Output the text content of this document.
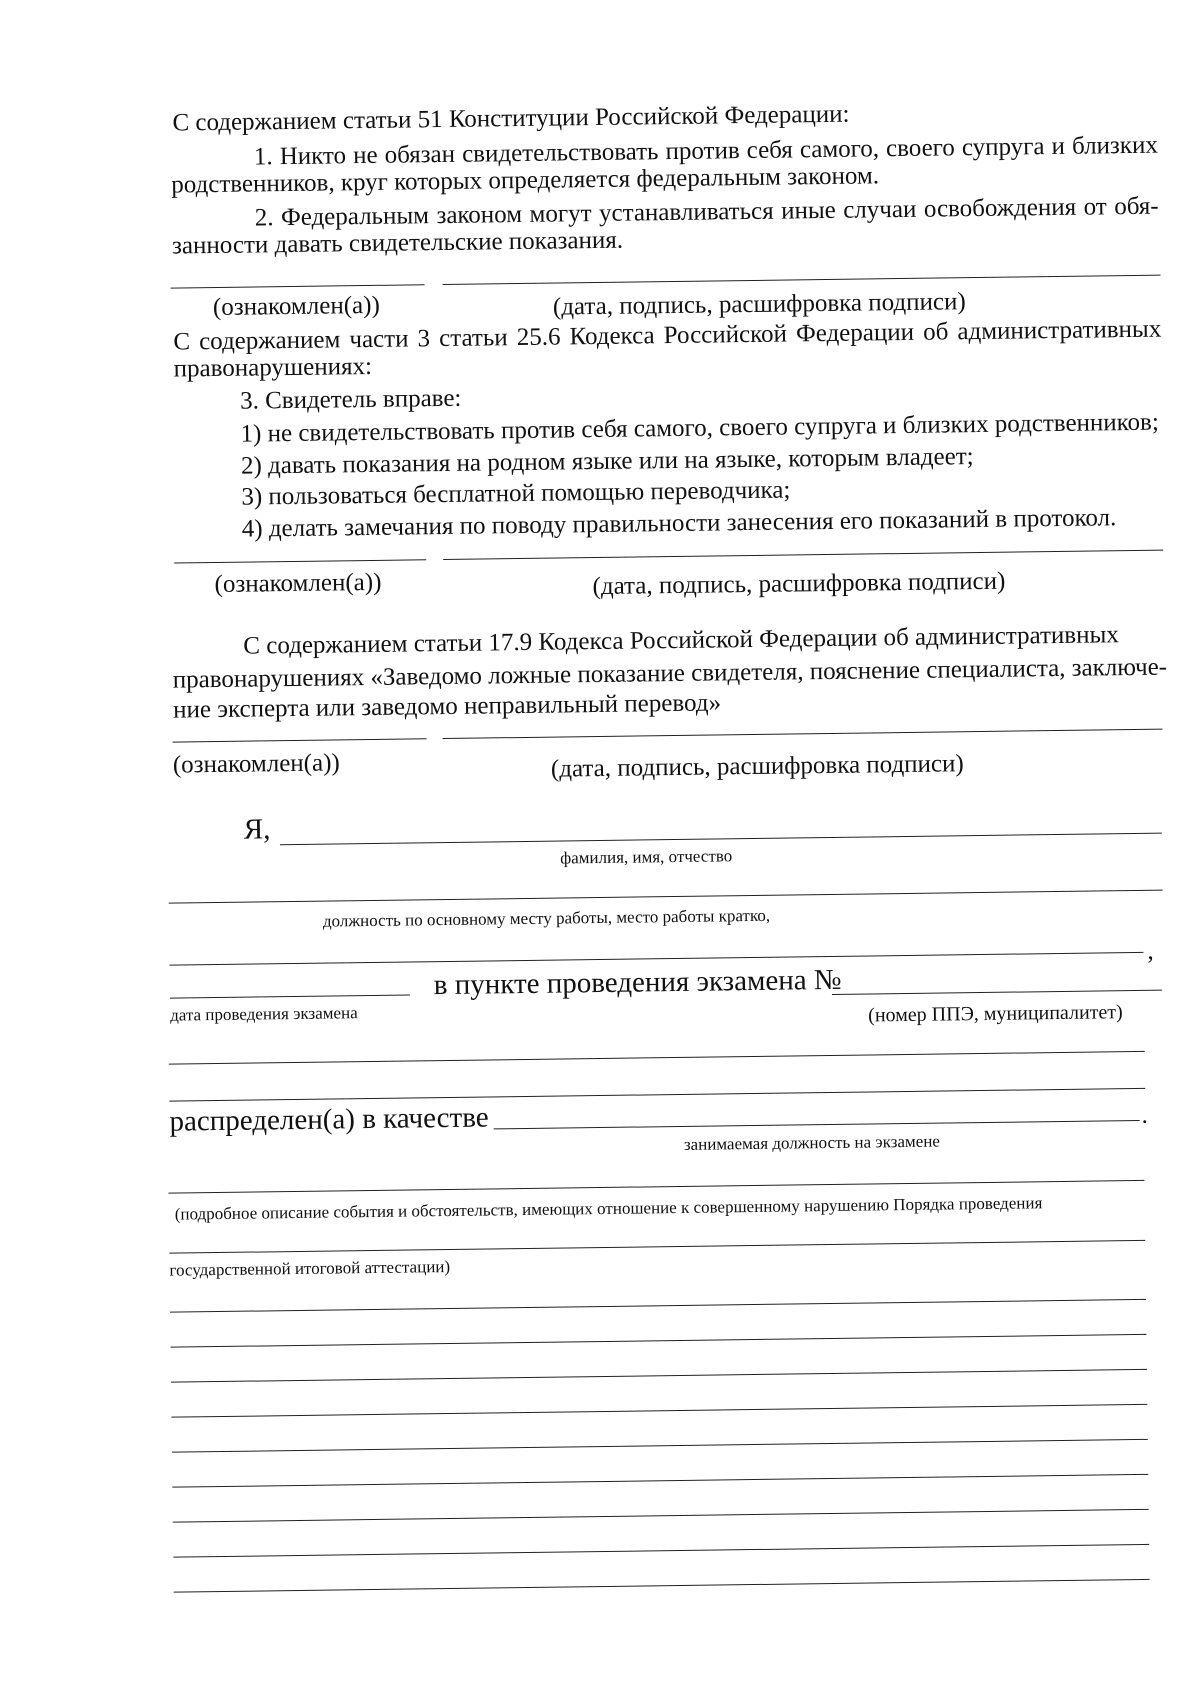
С содержанием статьи 51 Конституции Российской Федерации:
1. Никто не обязан свидетельствовать против себя самого, своего супруга и близких
родственников, круг которых определяется федеральным законом.
2. Федеральным законом могут устанавливаться иные случаи освобождения от обя-
занности давать свидетельские показания.
(ознакомлен(а))	(дата, подпись, расшифровка подписи)
С содержанием части 3 статьи 25.6 Кодекса Российской Федерации об административных
правонарушениях:
3. Свидетель вправе:
1) не свидетельствовать против себя самого, своего супруга и близких родственников;
2) давать показания на родном языке или на языке, которым владеет;
3) пользоваться бесплатной помощью переводчика;
4) делать замечания по поводу правильности занесения его показаний в протокол.
(ознакомлен(а))	(дата, подпись, расшифровка подписи)
С содержанием статьи 17.9 Кодекса Российской Федерации об административных
правонарушениях «Заведомо ложные показание свидетеля, пояснение специалиста, заключе-
ние эксперта или заведомо неправильный перевод»
(ознакомлен(а))	(дата, подпись, расшифровка подписи)
Я,
фамилия, имя, отчество
должность по основному месту работы, место работы кратко,
,
в пункте проведения экзамена №
дата проведения экзамена	(номер ППЭ, муниципалитет)
распределен(а) в качестве	.
занимаемая должность на экзамене
(подробное описание события и обстоятельств, имеющих отношение к совершенному нарушению Порядка проведения
государственной итоговой аттестации)
